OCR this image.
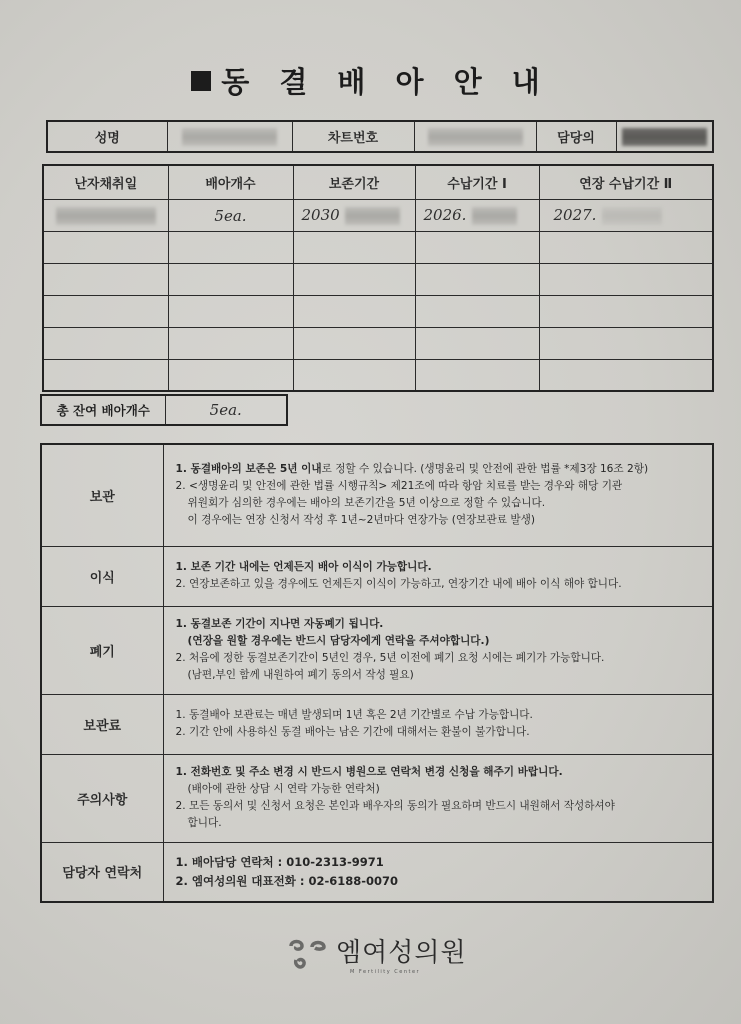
동 결 배 아 안 내
성명		차트번호		담당의	
난자채취일	배아개수	보존기간	수납기간 Ⅰ	연장 수납기간 Ⅱ
	5ea.	2030	2026.	2027.

총 잔여 배아개수	5ea.
보관	1. 동결배아의 보존은 5년 이내로 정할 수 있습니다. (생명윤리 및 안전에 관한 법률 *제3장 16조 2항)
2. <생명윤리 및 안전에 관한 법률 시행규칙> 제21조에 따라 항암 치료를 받는 경우와 해당 기관
위원회가 심의한 경우에는 배아의 보존기간을 5년 이상으로 정할 수 있습니다.
이 경우에는 연장 신청서 작성 후 1년~2년마다 연장가능 (연장보관료 발생)

이식	1. 보존 기간 내에는 언제든지 배아 이식이 가능합니다.
2. 연장보존하고 있을 경우에도 언제든지 이식이 가능하고, 연장기간 내에 배아 이식 해야 합니다.

폐기	1. 동결보존 기간이 지나면 자동폐기 됩니다.
(연장을 원할 경우에는 반드시 담당자에게 연락을 주셔야합니다.)
2. 처음에 정한 동결보존기간이 5년인 경우, 5년 이전에 폐기 요청 시에는 폐기가 가능합니다.
(남편,부인 함께 내원하여 폐기 동의서 작성 필요)

보관료	1. 동결배아 보관료는 매년 발생되며 1년 혹은 2년 기간별로 수납 가능합니다.
2. 기간 안에 사용하신 동결 배아는 남은 기간에 대해서는 환불이 불가합니다.

주의사항	1. 전화번호 및 주소 변경 시 반드시 병원으로 연락처 변경 신청을 해주기 바랍니다.
(배아에 관한 상담 시 연락 가능한 연락처)
2. 모든 동의서 및 신청서 요청은 본인과 배우자의 동의가 필요하며 반드시 내원해서 작성하셔야
합니다.

담당자 연락처	1. 배아담당 연락처 : 010-2313-9971
2. 엠여성의원 대표전화 : 02-6188-0070
엠여성의원
M Fertility Center
